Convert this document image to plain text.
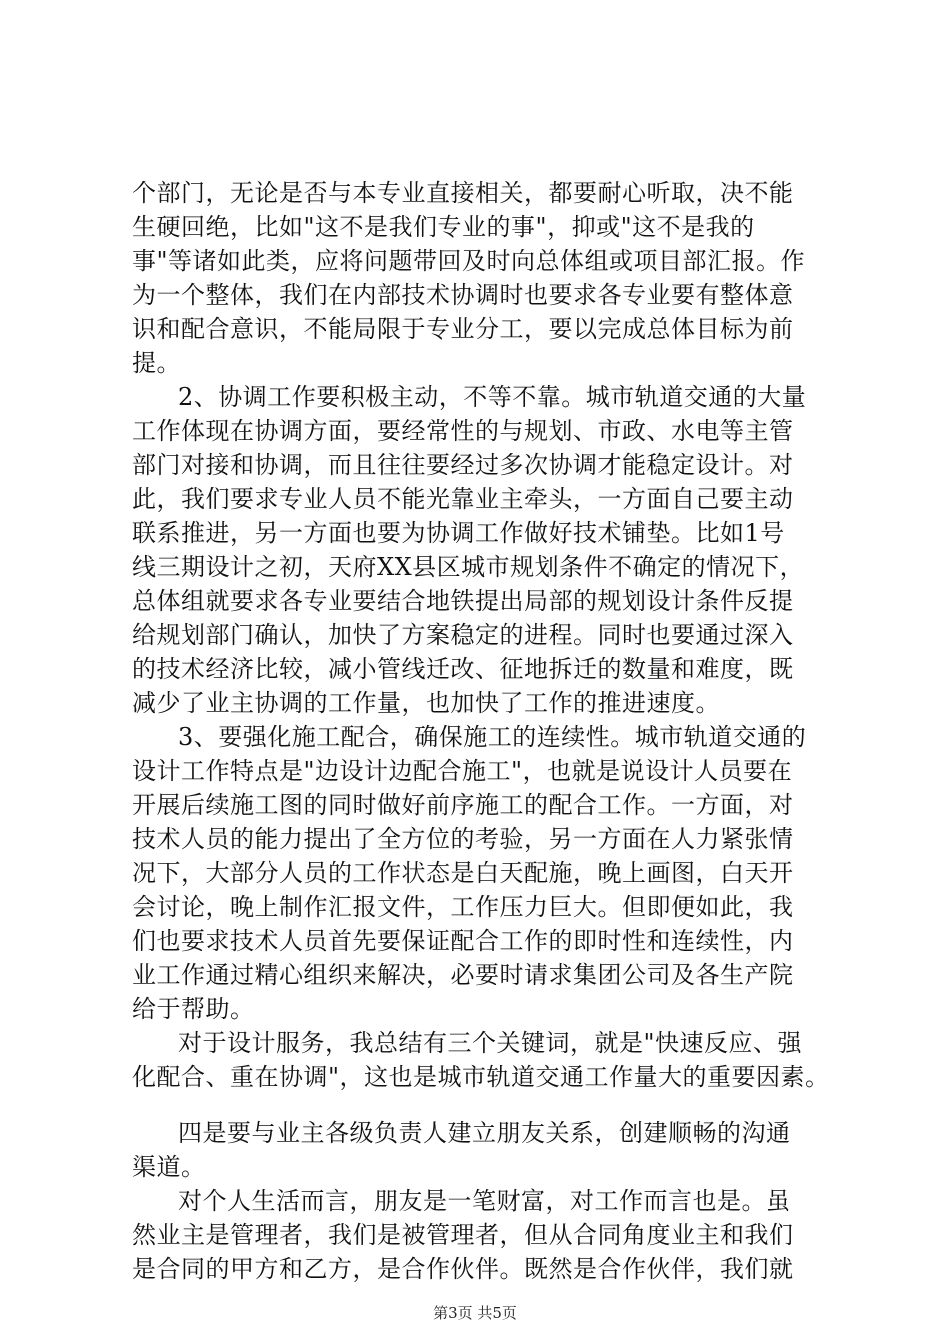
个部门，无论是否与本专业直接相关，都要耐心听取，决不能
生硬回绝，比如"这不是我们专业的事"，抑或"这不是我的
事"等诸如此类，应将问题带回及时向总体组或项目部汇报。作
为一个整体，我们在内部技术协调时也要求各专业要有整体意
识和配合意识，不能局限于专业分工，要以完成总体目标为前
提。
2、协调工作要积极主动，不等不靠。城市轨道交通的大量
工作体现在协调方面，要经常性的与规划、市政、水电等主管
部门对接和协调，而且往往要经过多次协调才能稳定设计。对
此，我们要求专业人员不能光靠业主牵头，一方面自己要主动
联系推进，另一方面也要为协调工作做好技术铺垫。比如1号
线三期设计之初，天府XX县区城市规划条件不确定的情况下，
总体组就要求各专业要结合地铁提出局部的规划设计条件反提
给规划部门确认，加快了方案稳定的进程。同时也要通过深入
的技术经济比较，减小管线迁改、征地拆迁的数量和难度，既
减少了业主协调的工作量，也加快了工作的推进速度。
3、要强化施工配合，确保施工的连续性。城市轨道交通的
设计工作特点是"边设计边配合施工"，也就是说设计人员要在
开展后续施工图的同时做好前序施工的配合工作。一方面，对
技术人员的能力提出了全方位的考验，另一方面在人力紧张情
况下，大部分人员的工作状态是白天配施，晚上画图，白天开
会讨论，晚上制作汇报文件，工作压力巨大。但即便如此，我
们也要求技术人员首先要保证配合工作的即时性和连续性，内
业工作通过精心组织来解决，必要时请求集团公司及各生产院
给于帮助。
对于设计服务，我总结有三个关键词，就是"快速反应、强
化配合、重在协调"，这也是城市轨道交通工作量大的重要因素。
四是要与业主各级负责人建立朋友关系，创建顺畅的沟通
渠道。
对个人生活而言，朋友是一笔财富，对工作而言也是。虽
然业主是管理者，我们是被管理者，但从合同角度业主和我们
是合同的甲方和乙方，是合作伙伴。既然是合作伙伴，我们就
第3页 共5页
